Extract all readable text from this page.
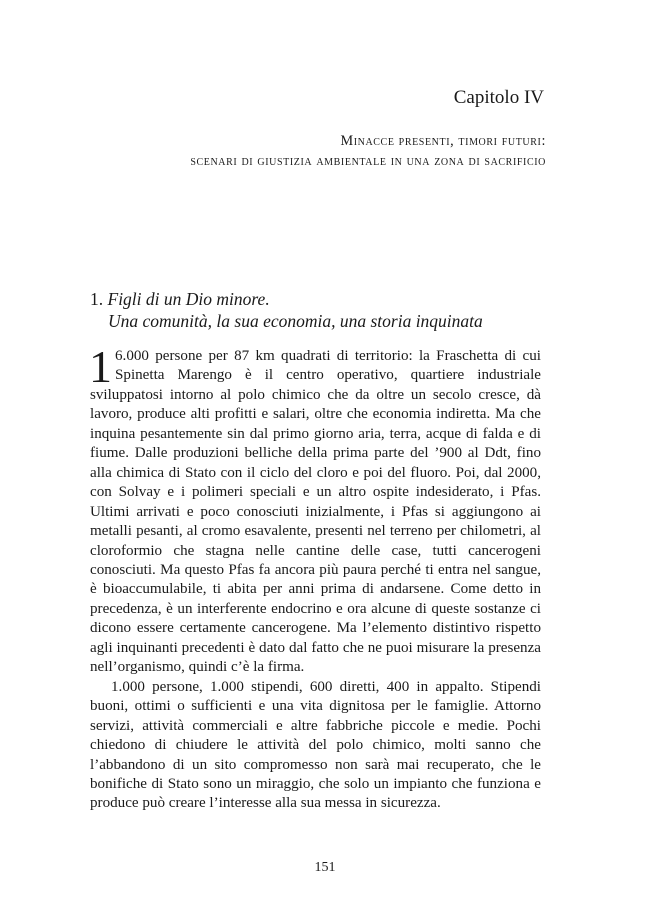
Capitolo IV
Minacce presenti, timori futuri:
scenari di giustizia ambientale in una zona di sacrificio
1. Figli di un Dio minore.
Una comunità, la sua economia, una storia inquinata

1 6.000 persone per 87 km quadrati di territorio: la Fraschetta di cui Spinetta Marengo è il centro operativo, quartiere industriale sviluppatosi intorno al polo chimico che da oltre un secolo cresce, dà lavoro, produce alti profitti e salari, oltre che economia indiretta. Ma che inquina pesantemente sin dal primo giorno aria, terra, acque di falda e di fiume. Dalle produzioni belliche della prima parte del ’900 al Ddt, fino alla chimica di Stato con il ciclo del cloro e poi del fluoro. Poi, dal 2000, con Solvay e i polimeri speciali e un altro ospite indesiderato, i Pfas. Ultimi arrivati e poco conosciuti inizialmente, i Pfas si aggiungono ai metalli pesanti, al cromo esavalente, presenti nel terreno per chilometri, al cloroformio che stagna nelle cantine delle case, tutti cancerogeni conosciuti. Ma questo Pfas fa ancora più paura perché ti entra nel sangue, è bioaccumulabile, ti abita per anni prima di andarsene. Come detto in precedenza, è un interferente endocrino e ora alcune di queste sostanze ci dicono essere certamente cancerogene. Ma l’elemento distintivo rispetto agli inquinanti precedenti è dato dal fatto che ne puoi misurare la presenza nell’organismo, quindi c’è la firma.

1.000 persone, 1.000 stipendi, 600 diretti, 400 in appalto. Stipendi buoni, ottimi o sufficienti e una vita dignitosa per le famiglie. Attorno servizi, attività commerciali e altre fabbriche piccole e medie. Pochi chiedono di chiudere le attività del polo chimico, molti sanno che l’abbandono di un sito compromesso non sarà mai recuperato, che le bonifiche di Stato sono un miraggio, che solo un impianto che funziona e produce può creare l’interesse alla sua messa in sicurezza.

151
